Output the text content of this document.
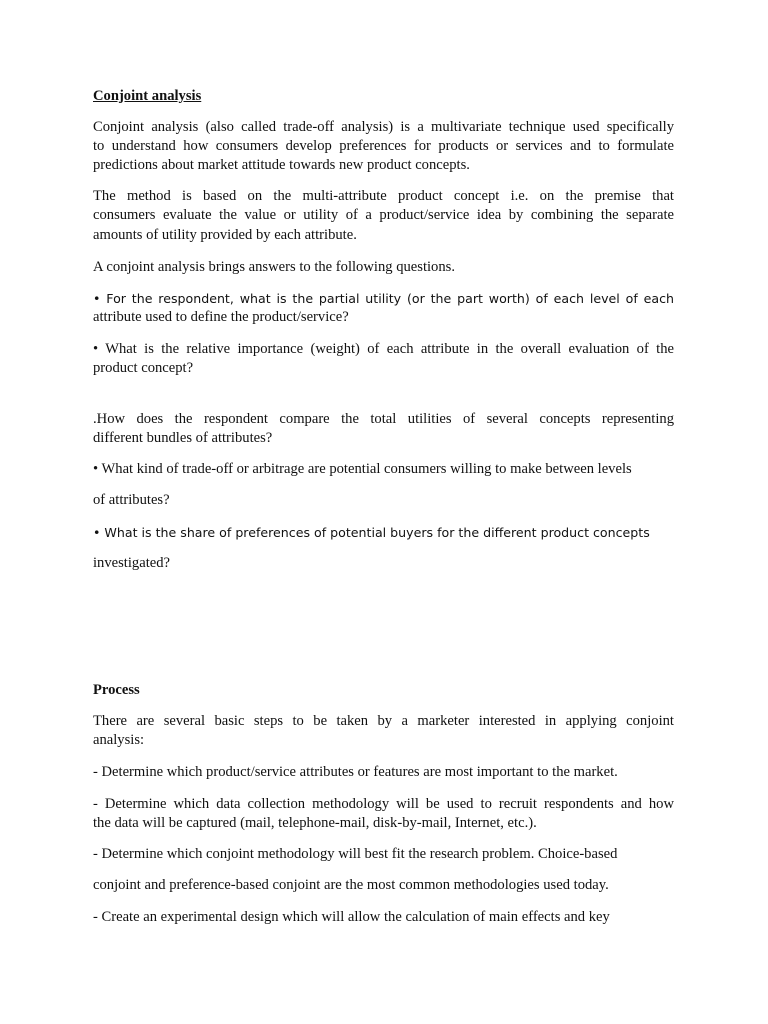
Conjoint analysis
Conjoint analysis (also called trade-off analysis) is a multivariate technique used specifically
to understand how consumers develop preferences for products or services and to formulate
predictions about market attitude towards new product concepts.
The method is based on the multi-attribute product concept i.e. on the premise that
consumers evaluate the value or utility of a product/service idea by combining the separate
amounts of utility provided by each attribute.
A conjoint analysis brings answers to the following questions.
• For the respondent, what is the partial utility (or the part worth) of each level of each
attribute used to define the product/service?
• What is the relative importance (weight) of each attribute in the overall evaluation of the
product concept?
.How does the respondent compare the total utilities of several concepts representing
different bundles of attributes?
• What kind of trade-off or arbitrage are potential consumers willing to make between levels
of attributes?
• What is the share of preferences of potential buyers for the different product concepts
investigated?
Process
There are several basic steps to be taken by a marketer interested in applying conjoint
analysis:
- Determine which product/service attributes or features are most important to the market.
- Determine which data collection methodology will be used to recruit respondents and how
the data will be captured (mail, telephone-mail, disk-by-mail, Internet, etc.).
- Determine which conjoint methodology will best fit the research problem. Choice-based
conjoint and preference-based conjoint are the most common methodologies used today.
- Create an experimental design which will allow the calculation of main effects and key
